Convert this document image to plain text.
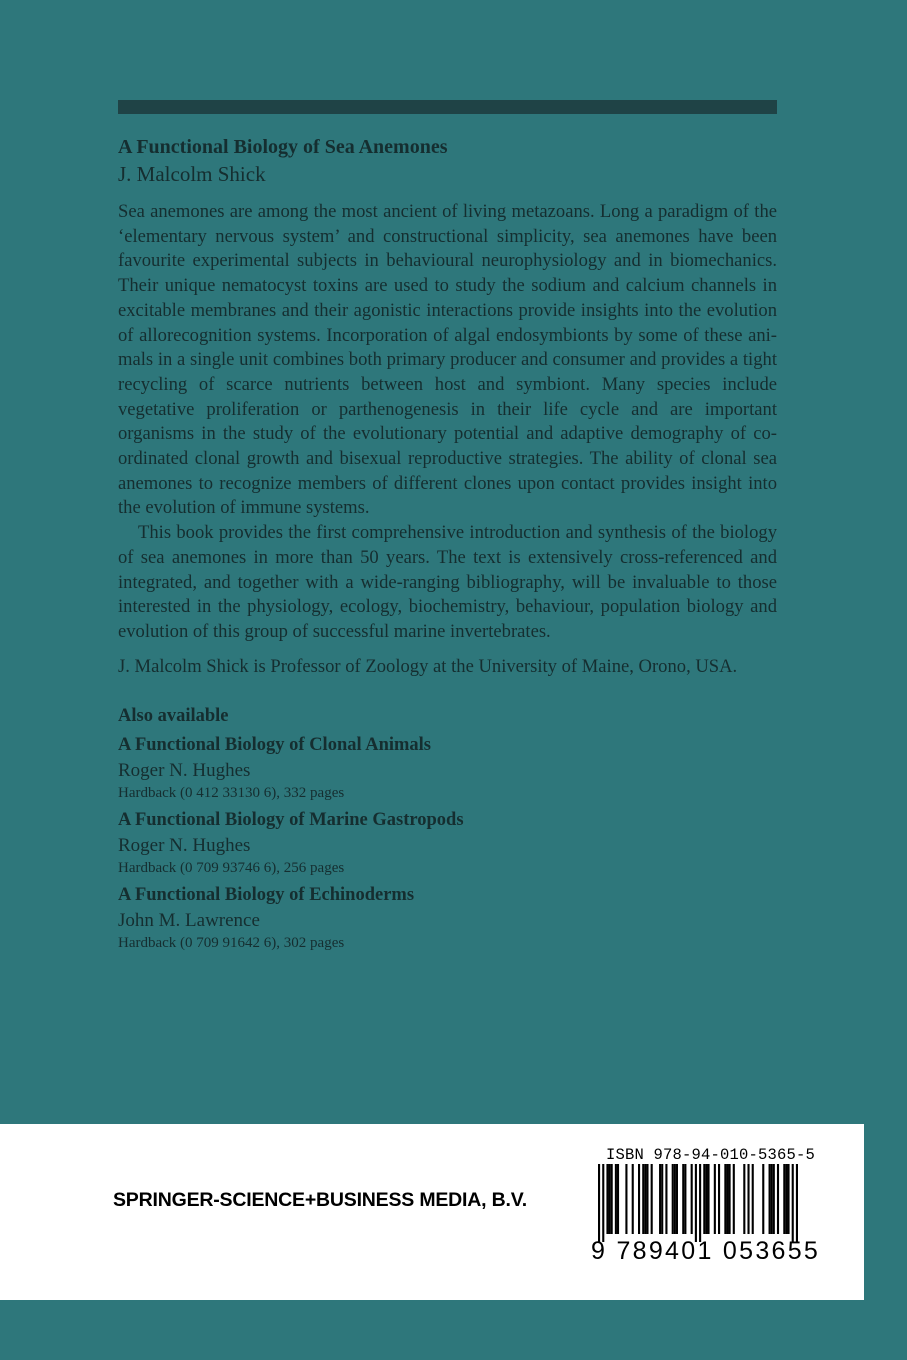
A Functional Biology of Sea Anemones

J. Malcolm Shick

Sea anemones are among the most ancient of living metazoans. Long a paradigm of the ‘elementary nervous system’ and constructional simplicity, sea anemones have been favourite experimental subjects in behavioural neurophysiology and in biomechanics. Their unique nematocyst toxins are used to study the sodium and calcium channels in excitable membranes and their agonistic interactions provide insights into the evolution of allorecognition systems. Incorporation of algal endosymbionts by some of these animals in a single unit combines both primary producer and consumer and provides a tight recycling of scarce nutrients between host and symbiont. Many species include vegetative proliferation or parthenogenesis in their life cycle and are important organisms in the study of the evolutionary potential and adaptive demography of co-ordinated clonal growth and bisexual reproductive strategies. The ability of clonal sea anemones to recognize members of different clones upon contact provides insight into the evolution of immune systems.

This book provides the first comprehensive introduction and synthesis of the biology of sea anemones in more than 50 years. The text is extensively cross-referenced and integrated, and together with a wide-ranging bibliography, will be invaluable to those interested in the physiology, ecology, biochemistry, behaviour, population biology and evolution of this group of successful marine invertebrates.

J. Malcolm Shick is Professor of Zoology at the University of Maine, Orono, USA.

Also available

A Functional Biology of Clonal Animals
Roger N. Hughes
Hardback (0 412 33130 6), 332 pages
A Functional Biology of Marine Gastropods
Roger N. Hughes
Hardback (0 709 93746 6), 256 pages
A Functional Biology of Echinoderms
John M. Lawrence
Hardback (0 709 91642 6), 302 pages
SPRINGER-SCIENCE+BUSINESS MEDIA, B.V.
ISBN 978-94-010-5365-5
9 789401 053655
